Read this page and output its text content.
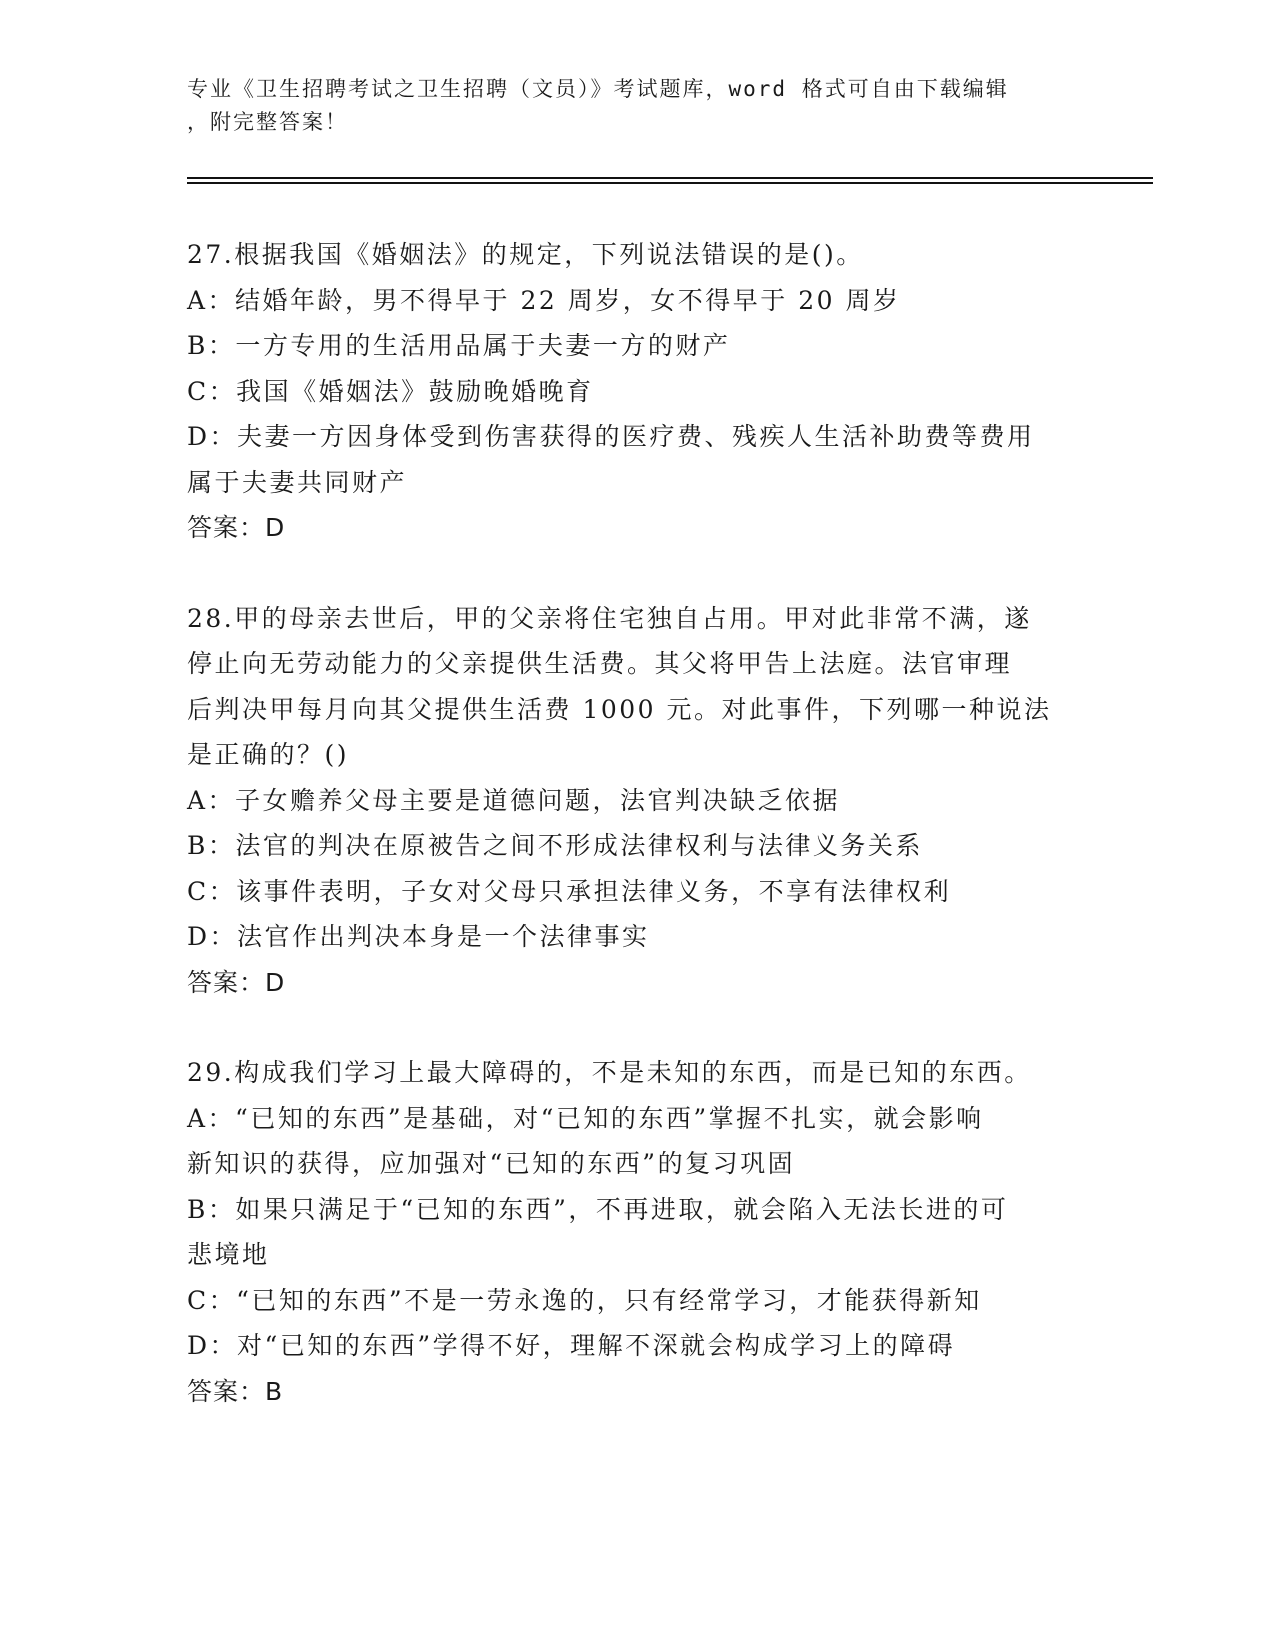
专业《卫生招聘考试之卫生招聘（文员）》考试题库，word 格式可自由下载编辑
，附完整答案！
27.根据我国《婚姻法》的规定，下列说法错误的是()。
A：结婚年龄，男不得早于 22 周岁，女不得早于 20 周岁
B：一方专用的生活用品属于夫妻一方的财产
C：我国《婚姻法》鼓励晚婚晚育
D：夫妻一方因身体受到伤害获得的医疗费、残疾人生活补助费等费用
属于夫妻共同财产
答案：D
28.甲的母亲去世后，甲的父亲将住宅独自占用。甲对此非常不满，遂
停止向无劳动能力的父亲提供生活费。其父将甲告上法庭。法官审理
后判决甲每月向其父提供生活费 1000 元。对此事件，下列哪一种说法
是正确的？()
A：子女赡养父母主要是道德问题，法官判决缺乏依据
B：法官的判决在原被告之间不形成法律权利与法律义务关系
C：该事件表明，子女对父母只承担法律义务，不享有法律权利
D：法官作出判决本身是一个法律事实
答案：D
29.构成我们学习上最大障碍的，不是未知的东西，而是已知的东西。
A：“已知的东西”是基础，对“已知的东西”掌握不扎实，就会影响
新知识的获得，应加强对“已知的东西”的复习巩固
B：如果只满足于“已知的东西”，不再进取，就会陷入无法长进的可
悲境地
C：“已知的东西”不是一劳永逸的，只有经常学习，才能获得新知
D：对“已知的东西”学得不好，理解不深就会构成学习上的障碍
答案：B
